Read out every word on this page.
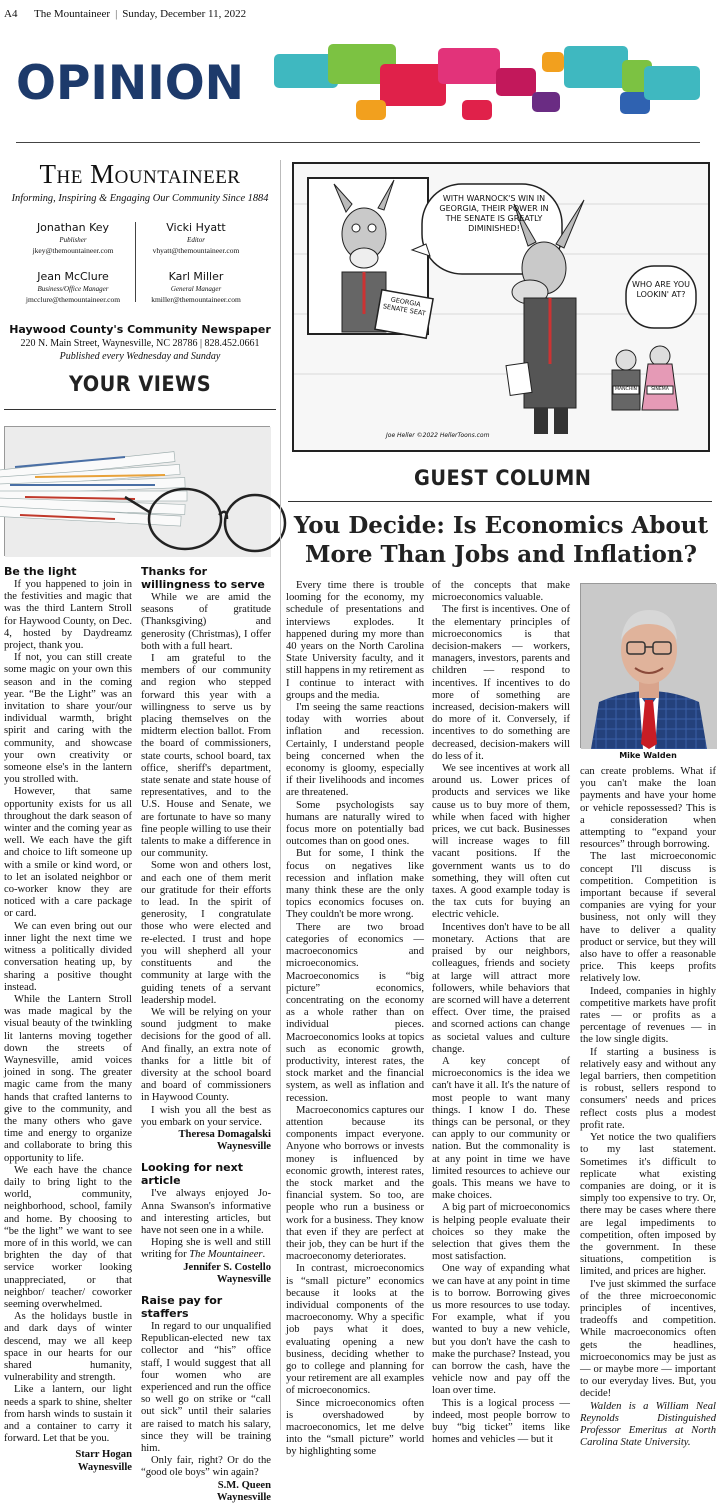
A4 The Mountaineer | Sunday, December 11, 2022
OPINION
The Mountaineer
Informing, Inspiring & Engaging Our Community Since 1884
Jonathan Key
Publisher
jkey@themountaineer.com
Vicki Hyatt
Editor
vhyatt@themountaineer.com
Jean McClure
Business/Office Manager
jmcclure@themountaineer.com
Karl Miller
General Manager
kmiller@themountaineer.com
Haywood County's Community Newspaper
220 N. Main Street, Waynesville, NC 28786 | 828.452.0661
Published every Wednesday and Sunday
YOUR VIEWS
Be the light

If you happened to join in the festivities and magic that was the third Lantern Stroll for Haywood County, on Dec. 4, hosted by Daydreamz project, thank you.

If not, you can still create some magic on your own this season and in the coming year. “Be the Light” was an invitation to share your/our individual warmth, bright spirit and caring with the community, and showcase your own creativity or someone else's in the lantern you strolled with.

However, that same opportunity exists for us all throughout the dark season of winter and the coming year as well. We each have the gift and choice to lift someone up with a smile or kind word, or to let an isolated neighbor or co-worker know they are noticed with a care package or card.

We can even bring out our inner light the next time we witness a politically divided conversation heating up, by sharing a positive thought instead.

While the Lantern Stroll was made magical by the visual beauty of the twinkling lit lanterns moving together down the streets of Waynesville, amid voices joined in song. The greater magic came from the many hands that crafted lanterns to give to the community, and the many others who gave time and energy to organize and collaborate to bring this opportunity to life.

We each have the chance daily to bring light to the world, community, neighborhood, school, family and home. By choosing to “be the light” we want to see more of in this world, we can brighten the day of that service worker looking unappreciated, or that neighbor/ teacher/ coworker seeming overwhelmed.

As the holidays bustle in and dark days of winter descend, may we all keep space in our hearts for our shared humanity, vulnerability and strength.

Like a lantern, our light needs a spark to shine, shelter from harsh winds to sustain it and a container to carry it forward. Let that be you.

Starr Hogan

Waynesville

Thanks for willingness to serve

While we are amid the seasons of gratitude (Thanksgiving) and generosity (Christmas), I offer both with a full heart.

I am grateful to the members of our community and region who stepped forward this year with a willingness to serve us by placing themselves on the midterm election ballot. From the board of commissioners, state courts, school board, tax office, sheriff's department, state senate and state house of representatives, and to the U.S. House and Senate, we are fortunate to have so many fine people willing to use their talents to make a difference in our community.

Some won and others lost, and each one of them merit our gratitude for their efforts to lead. In the spirit of generosity, I congratulate those who were elected and re-elected. I trust and hope you will shepherd all your constituents and the community at large with the guiding tenets of a servant leadership model.

We will be relying on your sound judgment to make decisions for the good of all. And finally, an extra note of thanks for a little bit of diversity at the school board and board of commissioners in Haywood County.

I wish you all the best as you embark on your service.

Theresa Domagalski

Waynesville

Looking for next article

I've always enjoyed Jo-Anna Swanson's informative and interesting articles, but have not seen one in a while.

Hoping she is well and still writing for The Mountaineer.

Jennifer S. Costello

Waynesville

Raise pay for staffers

In regard to our unqualified Republican-elected new tax collector and “his” office staff, I would suggest that all four women who are experienced and run the office so well go on strike or “call out sick” until their salaries are raised to match his salary, since they will be training him.

Only fair, right? Or do the “good ole boys” win again?

S.M. Queen

Waynesville

WITH WARNOCK'S WIN IN GEORGIA, THEIR POWER IN THE SENATE IS GREATLY DIMINISHED!
WHO ARE YOU LOOKIN' AT?
GEORGIA SENATE SEAT
MANCHIN	SINEMA
Joe Heller ©2022 HellerToons.com
GUEST COLUMN
You Decide: Is Economics About
More Than Jobs and Inflation?

Every time there is trouble looming for the economy, my schedule of presentations and interviews explodes. It happened during my more than 40 years on the North Carolina State University faculty, and it still happens in my retirement as I continue to interact with groups and the media.

I'm seeing the same reactions today with worries about inflation and recession. Certainly, I understand people being concerned when the economy is gloomy, especially if their livelihoods and incomes are threatened.

Some psychologists say humans are naturally wired to focus more on potentially bad outcomes than on good ones.

But for some, I think the focus on negatives like recession and inflation make many think these are the only topics economics focuses on. They couldn't be more wrong.

There are two broad categories of economics — macroeconomics and microeconomics. Macroeconomics is “big picture” economics, concentrating on the economy as a whole rather than on individual pieces. Macroeconomics looks at topics such as economic growth, productivity, interest rates, the stock market and the financial system, as well as inflation and recession.

Macroeconomics captures our attention because its components impact everyone. Anyone who borrows or invests money is influenced by economic growth, interest rates, the stock market and the financial system. So too, are people who run a business or work for a business. They know that even if they are perfect at their job, they can be hurt if the macroeconomy deteriorates.

In contrast, microeconomics is “small picture” economics because it looks at the individual components of the macroeconomy. Why a specific job pays what it does, evaluating opening a new business, deciding whether to go to college and planning for your retirement are all examples of microeconomics.

Since microeconomics often is overshadowed by macroeconomics, let me delve into the “small picture” world by highlighting some

of the concepts that make microeconomics valuable.

The first is incentives. One of the elementary principles of microeconomics is that decision-makers — workers, managers, investors, parents and children — respond to incentives. If incentives to do more of something are increased, decision-makers will do more of it. Conversely, if incentives to do something are decreased, decision-makers will do less of it.

We see incentives at work all around us. Lower prices of products and services we like cause us to buy more of them, while when faced with higher prices, we cut back. Businesses will increase wages to fill vacant positions. If the government wants us to do something, they will often cut taxes. A good example today is the tax cuts for buying an electric vehicle.

Incentives don't have to be all monetary. Actions that are praised by our neighbors, colleagues, friends and society at large will attract more followers, while behaviors that are scorned will have a deterrent effect. Over time, the praised and scorned actions can change as societal values and culture change.

A key concept of microeconomics is the idea we can't have it all. It's the nature of most people to want many things. I know I do. These things can be personal, or they can apply to our community or nation. But the commonality is at any point in time we have limited resources to achieve our goals. This means we have to make choices.

A big part of microeconomics is helping people evaluate their choices so they make the selection that gives them the most satisfaction.

One way of expanding what we can have at any point in time is to borrow. Borrowing gives us more resources to use today. For example, what if you wanted to buy a new vehicle, but you don't have the cash to make the purchase? Instead, you can borrow the cash, have the vehicle now and pay off the loan over time.

This is a logical process — indeed, most people borrow to buy “big ticket” items like homes and vehicles — but it

Mike Walden

can create problems. What if you can't make the loan payments and have your home or vehicle repossessed? This is a consideration when attempting to “expand your resources” through borrowing.

The last microeconomic concept I'll discuss is competition. Competition is important because if several companies are vying for your business, not only will they have to deliver a quality product or service, but they will also have to offer a reasonable price. This keeps profits relatively low.

Indeed, companies in highly competitive markets have profit rates — or profits as a percentage of revenues — in the low single digits.

If starting a business is relatively easy and without any legal barriers, then competition is robust, sellers respond to consumers' needs and prices reflect costs plus a modest profit rate.

Yet notice the two qualifiers to my last statement. Sometimes it's difficult to replicate what existing companies are doing, or it is simply too expensive to try. Or, there may be cases where there are legal impediments to competition, often imposed by the government. In these situations, competition is limited, and prices are higher.

I've just skimmed the surface of the three microeconomic principles of incentives, tradeoffs and competition. While macroeconomics often gets the headlines, microeconomics may be just as — or maybe more — important to our everyday lives. But, you decide!

Walden is a William Neal Reynolds Distinguished Professor Emeritus at North Carolina State University.
